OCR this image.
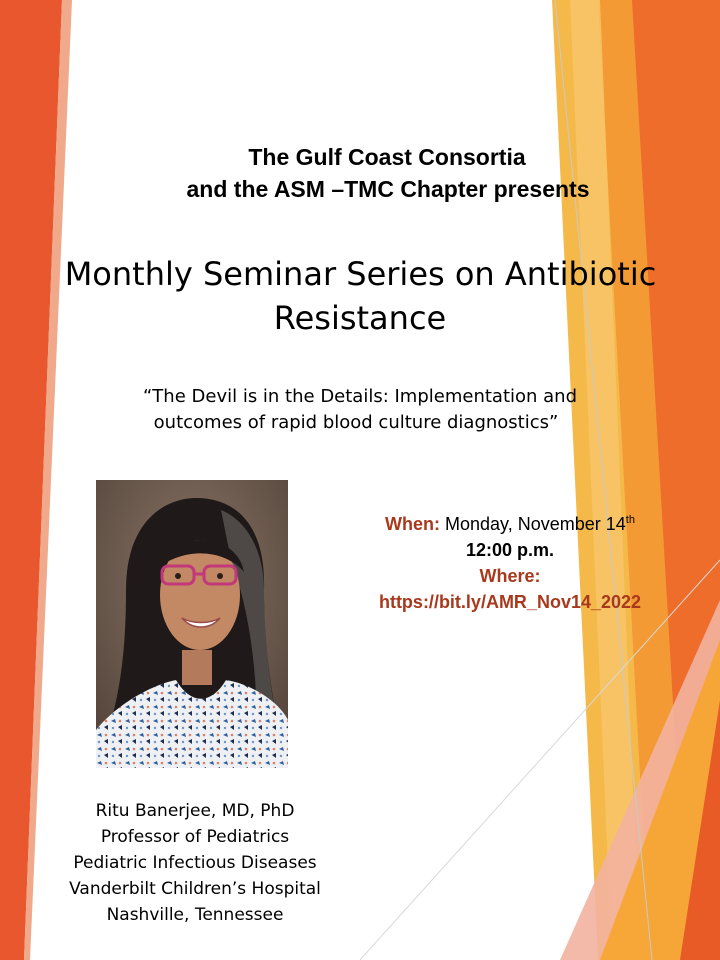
The Gulf Coast Consortia
and the ASM –TMC Chapter presents
Monthly Seminar Series on Antibiotic
Resistance
“The Devil is in the Details: Implementation and
outcomes of rapid blood culture diagnostics”
When: Monday, November 14th
12:00 p.m.
Where:
https://bit.ly/AMR_Nov14_2022
Ritu Banerjee, MD, PhD
Professor of Pediatrics
Pediatric Infectious Diseases
Vanderbilt Children’s Hospital
Nashville, Tennessee
